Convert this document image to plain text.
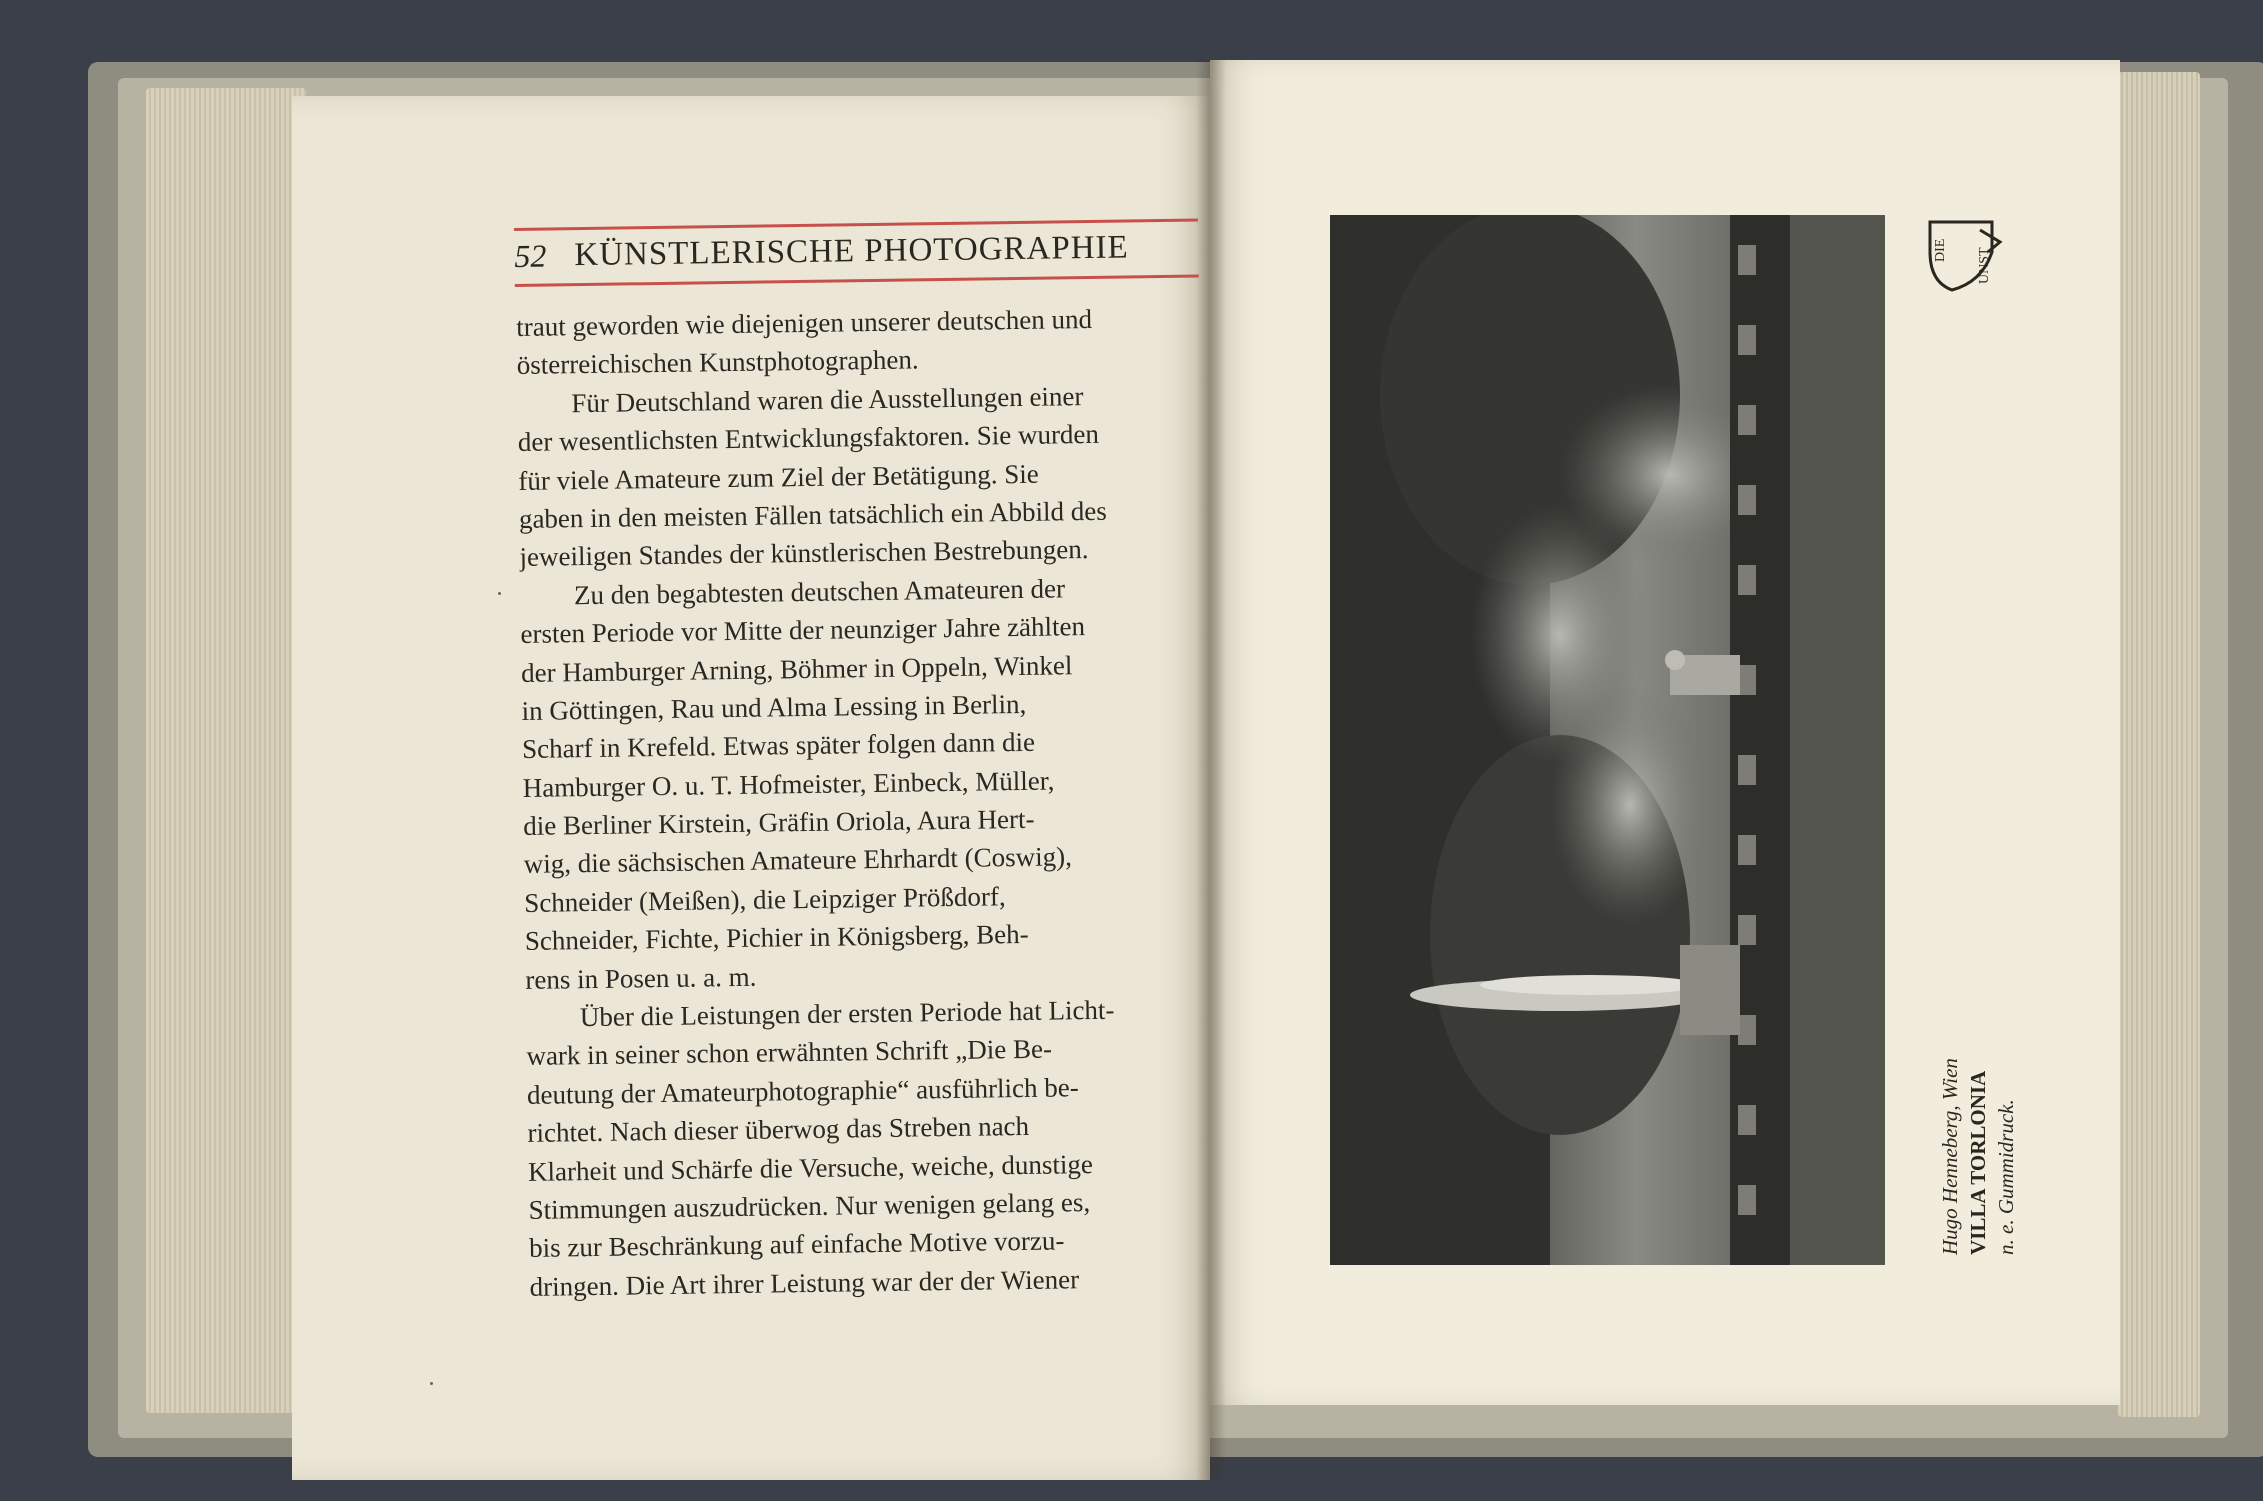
52 KÜNSTLERISCHE PHOTOGRAPHIE
traut geworden wie diejenigen unserer deutschen und
österreichischen Kunstphotographen.
Für Deutschland waren die Ausstellungen einer
der wesentlichsten Entwicklungsfaktoren. Sie wurden
für viele Amateure zum Ziel der Betätigung. Sie
gaben in den meisten Fällen tatsächlich ein Abbild des
jeweiligen Standes der künstlerischen Bestrebungen.
Zu den begabtesten deutschen Amateuren der
ersten Periode vor Mitte der neunziger Jahre zählten
der Hamburger Arning, Böhmer in Oppeln, Winkel
in Göttingen, Rau und Alma Lessing in Berlin,
Scharf in Krefeld. Etwas später folgen dann die
Hamburger O. u. T. Hofmeister, Einbeck, Müller,
die Berliner Kirstein, Gräfin Oriola, Aura Hert-
wig, die sächsischen Amateure Ehrhardt (Coswig),
Schneider (Meißen), die Leipziger Prößdorf,
Schneider, Fichte, Pichier in Königsberg, Beh-
rens in Posen u. a. m.
Über die Leistungen der ersten Periode hat Licht-
wark in seiner schon erwähnten Schrift „Die Be-
deutung der Amateurphotographie“ ausführlich be-
richtet. Nach dieser überwog das Streben nach
Klarheit und Schärfe die Versuche, weiche, dunstige
Stimmungen auszudrücken. Nur wenigen gelang es,
bis zur Beschränkung auf einfache Motive vorzu-
dringen. Die Art ihrer Leistung war der der Wiener
DIE UNST
Hugo Henneberg, Wien VILLA TORLONIA n. e. Gummidruck.
